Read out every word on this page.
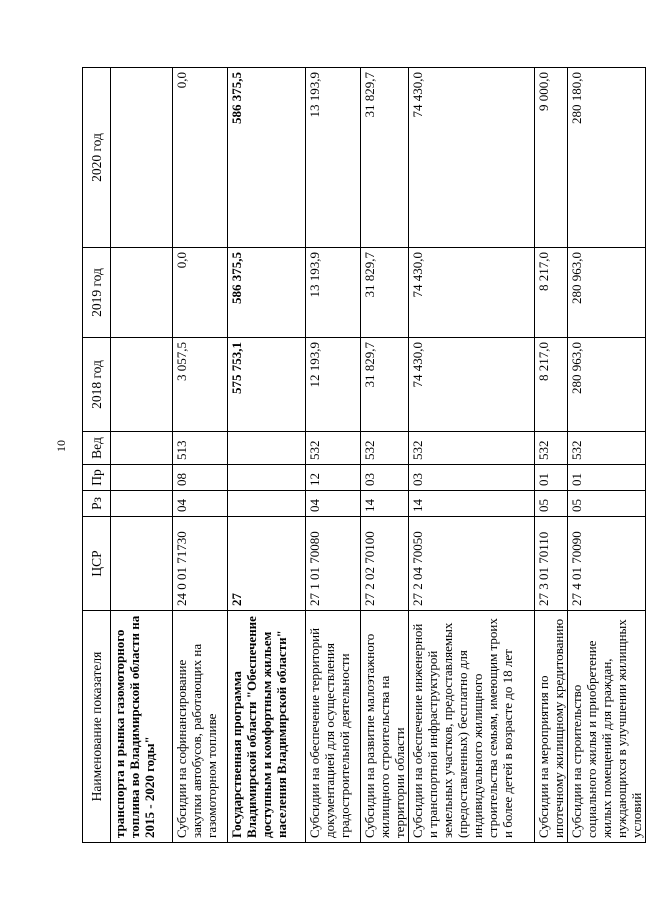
10
Наименование показателя	ЦСР	Рз	Пр	Вед	2018 год	2019 год	2020 год
транспорта и рынка газомоторного топлива во Владимирской области на 2015 - 2020 годы"							
Субсидии на софинансирование закупки автобусов, работающих на газомоторном топливе	24 0 01 71730	04	08	513	3 057,5	0,0	0,0
Государственная программа Владимирской области "Обеспечение доступным и комфортным жильем населения Владимирской области"	27				575 753,1	586 375,5	586 375,5
Субсидии на обеспечение территорий документацией для осуществления градостроительной деятельности	27 1 01 70080	04	12	532	12 193,9	13 193,9	13 193,9
Субсидии на развитие малоэтажного жилищного строительства на территории области	27 2 02 70100	14	03	532	31 829,7	31 829,7	31 829,7
Субсидии на обеспечение инженерной и транспортной инфраструктурой земельных участков, предоставляемых (предоставленных) бесплатно для индивидуального жилищного строительства семьям, имеющим троих и более детей в возрасте до 18 лет	27 2 04 70050	14	03	532	74 430,0	74 430,0	74 430,0
Субсидии на мероприятия по ипотечному жилищному кредитованию	27 3 01 70110	05	01	532	8 217,0	8 217,0	9 000,0
Субсидии на строительство социального жилья и приобретение жилых помещений для граждан, нуждающихся в улучшении жилищных условий	27 4 01 70090	05	01	532	280 963,0	280 963,0	280 180,0
